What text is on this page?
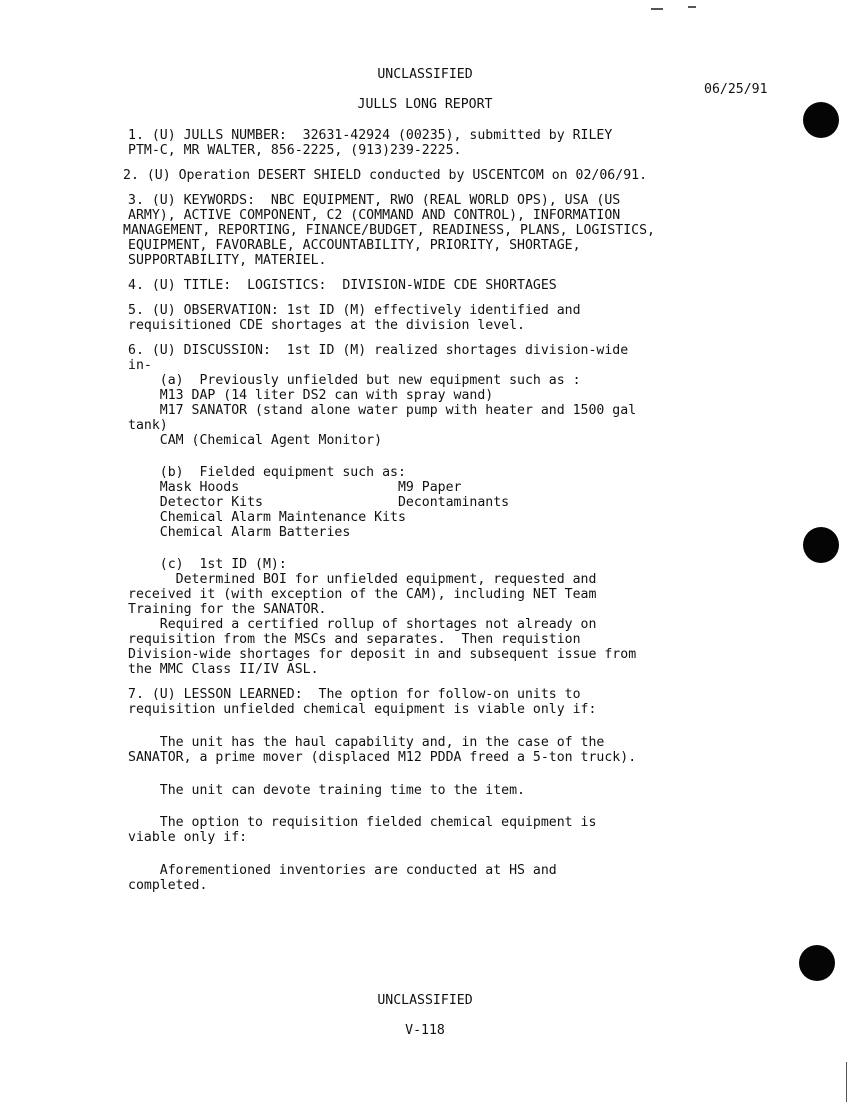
UNCLASSIFIED
06/25/91
JULLS LONG REPORT
1. (U) JULLS NUMBER:  32631-42924 (00235), submitted by RILEY
PTM-C, MR WALTER, 856-2225, (913)239-2225.
2. (U) Operation DESERT SHIELD conducted by USCENTCOM on 02/06/91.
3. (U) KEYWORDS:  NBC EQUIPMENT, RWO (REAL WORLD OPS), USA (US
ARMY), ACTIVE COMPONENT, C2 (COMMAND AND CONTROL), INFORMATION
MANAGEMENT, REPORTING, FINANCE/BUDGET, READINESS, PLANS, LOGISTICS,
EQUIPMENT, FAVORABLE, ACCOUNTABILITY, PRIORITY, SHORTAGE,
SUPPORTABILITY, MATERIEL.
4. (U) TITLE:  LOGISTICS:  DIVISION-WIDE CDE SHORTAGES
5. (U) OBSERVATION: 1st ID (M) effectively identified and
requisitioned CDE shortages at the division level.
6. (U) DISCUSSION:  1st ID (M) realized shortages division-wide
in-
(a)  Previously unfielded but new equipment such as :
M13 DAP (14 liter DS2 can with spray wand)
M17 SANATOR (stand alone water pump with heater and 1500 gal
tank)
CAM (Chemical Agent Monitor)
(b)  Fielded equipment such as:
Mask Hoods                    M9 Paper
Detector Kits                 Decontaminants
Chemical Alarm Maintenance Kits
Chemical Alarm Batteries
(c)  1st ID (M):
Determined BOI for unfielded equipment, requested and
received it (with exception of the CAM), including NET Team
Training for the SANATOR.
Required a certified rollup of shortages not already on
requisition from the MSCs and separates.  Then requistion
Division-wide shortages for deposit in and subsequent issue from
the MMC Class II/IV ASL.
7. (U) LESSON LEARNED:  The option for follow-on units to
requisition unfielded chemical equipment is viable only if:
The unit has the haul capability and, in the case of the
SANATOR, a prime mover (displaced M12 PDDA freed a 5-ton truck).
The unit can devote training time to the item.
The option to requisition fielded chemical equipment is
viable only if:
Aforementioned inventories are conducted at HS and
completed.
UNCLASSIFIED
V-118
